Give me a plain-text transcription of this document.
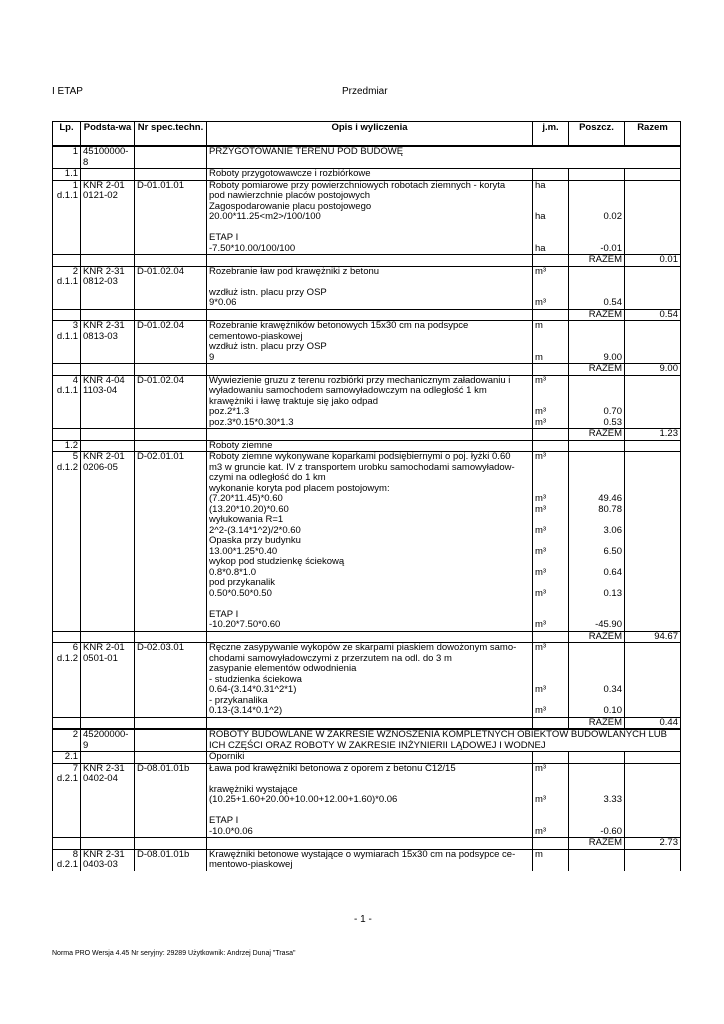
I ETAP	Przedmiar
Lp.	Podsta-wa	Nr spec.techn.	Opis i wyliczenia	j.m.	Poszcz.	Razem
1	45100000-8		PRZYGOTOWANIE TERENU POD BUDOWĘ			
1.1			Roboty przygotowawcze i rozbiórkowe			
1	KNR 2-01	D-01.01.01	Roboty pomiarowe przy powierzchniowych robotach ziemnych - koryta	ha		
d.1.1	0121-02		pod nawierzchnie placów postojowych			
			Zagospodarowanie placu postojowego			
			20.00*11.25<m2>/100/100	ha	0.02	

			ETAP I			
			-7.50*10.00/100/100	ha	-0.01	
					RAZEM	0.01
2	KNR 2-31	D-01.02.04	Rozebranie ław pod krawężniki z betonu	m³		
d.1.1	0812-03					
			wzdłuż istn. placu przy OSP			
			9*0.06	m³	0.54	
					RAZEM	0.54
3	KNR 2-31	D-01.02.04	Rozebranie krawężników betonowych 15x30 cm na podsypce	m		
d.1.1	0813-03		cementowo-piaskowej			
			wzdłuż istn. placu przy OSP			
			9	m	9.00	
					RAZEM	9.00
4	KNR 4-04	D-01.02.04	Wywiezienie gruzu z terenu rozbiórki przy mechanicznym załadowaniu i	m³		
d.1.1	1103-04		wyładowaniu samochodem samowyładowczym na odległość 1 km			
			krawężniki i ławę traktuje się jako odpad			
			poz.2*1.3	m³	0.70	
			poz.3*0.15*0.30*1.3	m³	0.53	
					RAZEM	1.23
1.2			Roboty ziemne			
5	KNR 2-01	D-02.01.01	Roboty ziemne wykonywane koparkami podsiębiernymi o poj. łyżki 0.60	m³		
d.1.2	0206-05		m3 w gruncie kat. IV z transportem urobku samochodami samowyładow-			
			czymi na odległość do 1 km			
			wykonanie koryta pod placem postojowym:			
			(7.20*11.45)*0.60	m³	49.46	
			(13.20*10.20)*0.60	m³	80.78	
			wyłukowania R=1			
			2^2-(3.14*1^2)/2*0.60	m³	3.06	
			Opaska przy budynku			
			13.00*1.25*0.40	m³	6.50	
			wykop pod studzienkę ściekową			
			0.8*0.8*1.0	m³	0.64	
			pod przykanalik			
			0.50*0.50*0.50	m³	0.13	

			ETAP I			
			-10.20*7.50*0.60	m³	-45.90	
					RAZEM	94.67
6	KNR 2-01	D-02.03.01	Ręczne zasypywanie wykopów ze skarpami piaskiem dowożonym samo-	m³		
d.1.2	0501-01		chodami samowyładowczymi z przerzutem na odl. do 3 m			
			zasypanie elementów odwodnienia			
			- studzienka ściekowa			
			0.64-(3.14*0.31^2*1)	m³	0.34	
			- przykanalika			
			0.13-(3.14*0.1^2)	m³	0.10	
					RAZEM	0.44
2	45200000-9		ROBOTY BUDOWLANE W ZAKRESIE WZNOSZENIA KOMPLETNYCH OBIEKTÓW BUDOWLANYCH LUB ICH CZĘŚCI ORAZ ROBOTY W ZAKRESIE INŻYNIERII LĄDOWEJ I WODNEJ			
2.1			Oporniki			
7	KNR 2-31	D-08.01.01b	Ława pod krawężniki betonowa z oporem z betonu C12/15	m³		
d.2.1	0402-04					
			krawężniki wystające			
			(10.25+1.60+20.00+10.00+12.00+1.60)*0.06	m³	3.33	

			ETAP I			
			-10.0*0.06	m³	-0.60	
					RAZEM	2.73
8	KNR 2-31	D-08.01.01b	Krawężniki betonowe wystające o wymiarach 15x30 cm na podsypce ce-	m		
d.2.1	0403-03		mentowo-piaskowej			
- 1 -
Norma PRO Wersja 4.45 Nr seryjny: 29289 Użytkownik: Andrzej Dunaj "Trasa"
